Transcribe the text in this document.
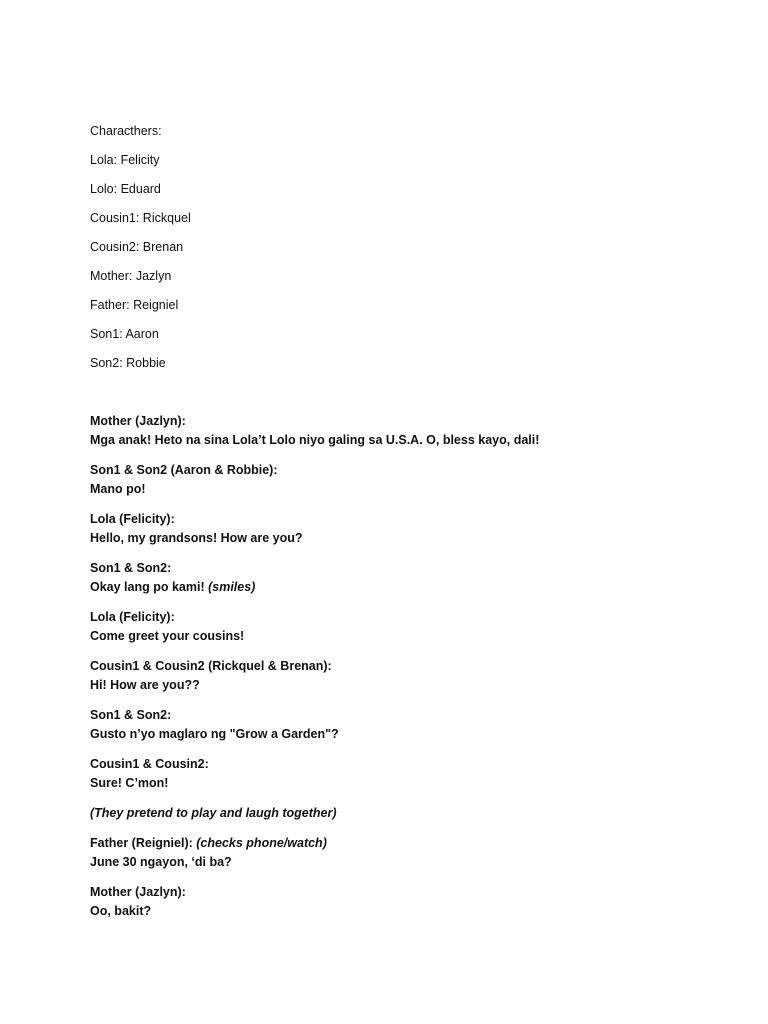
Characthers:

Lola: Felicity

Lolo: Eduard

Cousin1: Rickquel

Cousin2: Brenan

Mother: Jazlyn

Father: Reigniel

Son1: Aaron

Son2: Robbie

Mother (Jazlyn):
Mga anak! Heto na sina Lola’t Lolo niyo galing sa U.S.A. O, bless kayo, dali!
Son1 & Son2 (Aaron & Robbie):
Mano po!
Lola (Felicity):
Hello, my grandsons! How are you?
Son1 & Son2:
Okay lang po kami! (smiles)
Lola (Felicity):
Come greet your cousins!
Cousin1 & Cousin2 (Rickquel & Brenan):
Hi! How are you??
Son1 & Son2:
Gusto n’yo maglaro ng "Grow a Garden"?
Cousin1 & Cousin2:
Sure! C’mon!
(They pretend to play and laugh together)
Father (Reigniel): (checks phone/watch)
June 30 ngayon, ‘di ba?
Mother (Jazlyn):
Oo, bakit?
